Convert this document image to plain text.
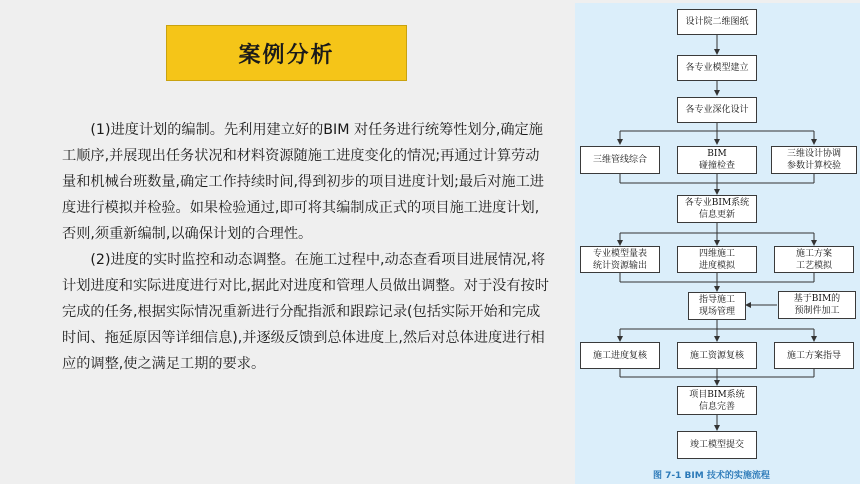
案例分析

(1)进度计划的编制。先利用建立好的BIM 对任务进行统筹性划分,确定施工顺序,并展现出任务状况和材料资源随施工进度变化的情况;再通过计算劳动量和机械台班数量,确定工作持续时间,得到初步的项目进度计划;最后对施工进度进行模拟并检验。如果检验通过,即可将其编制成正式的项目施工进度计划,否则,须重新编制,以确保计划的合理性。

(2)进度的实时监控和动态调整。在施工过程中,动态查看项目进展情况,将计划进度和实际进度进行对比,据此对进度和管理人员做出调整。对于没有按时完成的任务,根据实际情况重新进行分配指派和跟踪记录(包括实际开始和完成时间、拖延原因等详细信息),并逐级反馈到总体进度上,然后对总体进度进行相应的调整,使之满足工期的要求。

设计院二维图纸
各专业模型建立
各专业深化设计
三维管线综合
BIM
碰撞检查
三维设计协调
参数计算校验
各专业BIM系统
信息更新
专业模型量表
统计资源输出
四维施工
进度模拟
施工方案
工艺模拟
指导施工
现场管理
基于BIM的
预制件加工
施工进度复核	施工资源复核	施工方案指导
项目BIM系统
信息完善
竣工模型提交
图 7-1 BIM 技术的实施流程
